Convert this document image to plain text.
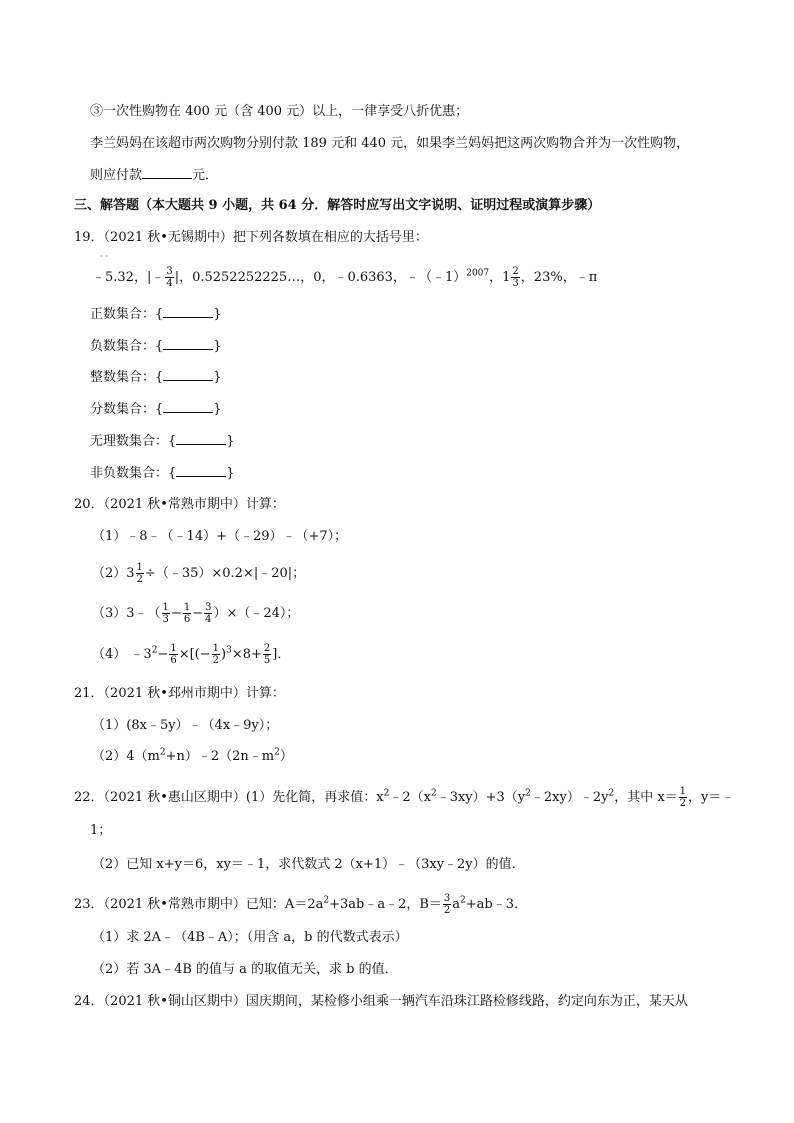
③一次性购物在 400 元（含 400 元）以上，一律享受八折优惠；
李兰妈妈在该超市两次购物分别付款 189 元和 440 元，如果李兰妈妈把这两次购物合并为一次性购物，
则应付款	元．
三、解答题（本大题共 9 小题，共 64 分．解答时应写出文字说明、证明过程或演算步骤）
19．（2021 秋•无锡期中）把下列各数填在相应的大括号里：
··
﹣5.32，|﹣ $\frac{3}{4}$ |，0.5252252225…，0，﹣0.6363，﹣（﹣1）$^{2007}$，$1 \frac{2}{3}$ ，23%，﹣π
正数集合：{	}
负数集合：{	}
整数集合：{	}
分数集合：{	}
无理数集合：{	}
非负数集合：{	}
20．（2021 秋•常熟市期中）计算：
（1）﹣8﹣（﹣14）+（﹣29）﹣（+7）；
$(2)3 \frac{1}{2}$ ÷（﹣35）×0.2×|﹣20|；
（3）3﹣（ $\frac{1}{3} - \frac{1}{6} - \frac{3}{4}$ ）×（﹣24）；
（4） $﹣3^2- \frac{1}{6}$ ×[(− $\frac{1}{2} )^3\times 8+ \frac{2}{5}$ ]．
21．（2021 秋•邳州市期中）计算：
（1）(8x﹣5y）﹣（4x﹣9y）；
$(2)4(m^2+n)﹣2(2n﹣m^2)$
22．（2021 秋•惠山区期中）(1）先化简，再求值：$x^2﹣2(x^2﹣3xy)+3(y^2﹣2xy)﹣2y^2$，其中 $x= \frac{1}{2}$ ，y＝﹣
1；
（2）已知 x+y＝6，xy＝﹣1，求代数式 2（x+1）﹣（3xy﹣2y）的值．
23．（2021 秋•常熟市期中）已知：$A=2a^2+3ab﹣a﹣2$，$B= \frac{3}{2}$ $a^2+ab﹣3$．
（1）求 2A﹣（4B﹣A）；（用含 a，b 的代数式表示）
（2）若 3A﹣4B 的值与 a 的取值无关，求 b 的值．
24．（2021 秋•铜山区期中）国庆期间，某检修小组乘一辆汽车沿珠江路检修线路，约定向东为正，某天从
